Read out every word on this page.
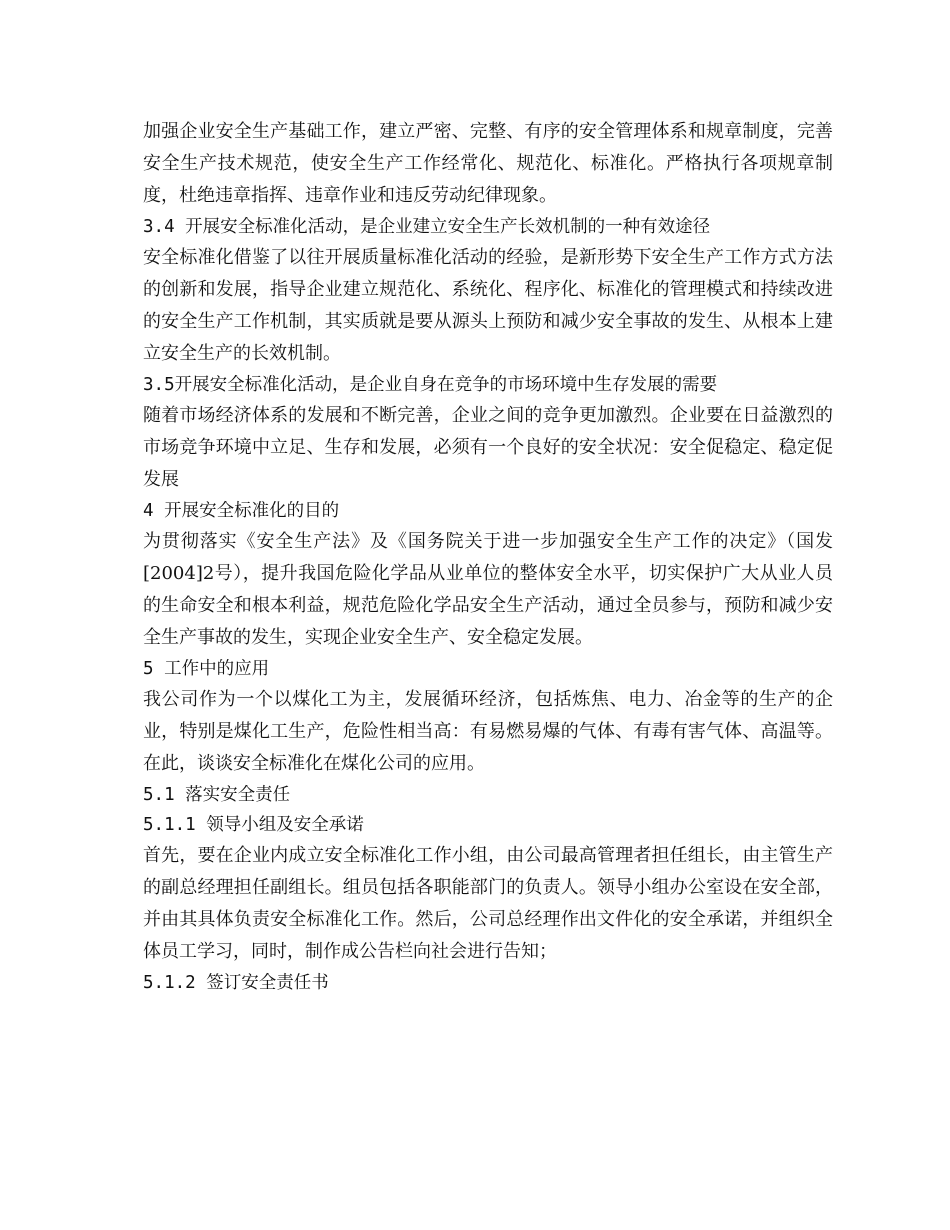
加强企业安全生产基础工作，建立严密、完整、有序的安全管理体系和规章制度，完善安全生产技术规范，使安全生产工作经常化、规范化、标准化。严格执行各项规章制度，杜绝违章指挥、违章作业和违反劳动纪律现象。

3.4 开展安全标准化活动，是企业建立安全生产长效机制的一种有效途径

安全标准化借鉴了以往开展质量标准化活动的经验，是新形势下安全生产工作方式方法的创新和发展，指导企业建立规范化、系统化、程序化、标准化的管理模式和持续改进的安全生产工作机制，其实质就是要从源头上预防和减少安全事故的发生、从根本上建立安全生产的长效机制。

3.5开展安全标准化活动，是企业自身在竞争的市场环境中生存发展的需要

随着市场经济体系的发展和不断完善，企业之间的竞争更加激烈。企业要在日益激烈的市场竞争环境中立足、生存和发展，必须有一个良好的安全状况：安全促稳定、稳定促发展

4 开展安全标准化的目的

为贯彻落实《安全生产法》及《国务院关于进一步加强安全生产工作的决定》（国发[2004]2号），提升我国危险化学品从业单位的整体安全水平，切实保护广大从业人员的生命安全和根本利益，规范危险化学品安全生产活动，通过全员参与，预防和减少安全生产事故的发生，实现企业安全生产、安全稳定发展。

5 工作中的应用

我公司作为一个以煤化工为主，发展循环经济，包括炼焦、电力、冶金等的生产的企业，特别是煤化工生产，危险性相当高：有易燃易爆的气体、有毒有害气体、高温等。在此，谈谈安全标准化在煤化公司的应用。

5.1 落实安全责任

5.1.1 领导小组及安全承诺

首先，要在企业内成立安全标准化工作小组，由公司最高管理者担任组长，由主管生产的副总经理担任副组长。组员包括各职能部门的负责人。领导小组办公室设在安全部，并由其具体负责安全标准化工作。然后，公司总经理作出文件化的安全承诺，并组织全体员工学习，同时，制作成公告栏向社会进行告知；

5.1.2 签订安全责任书
